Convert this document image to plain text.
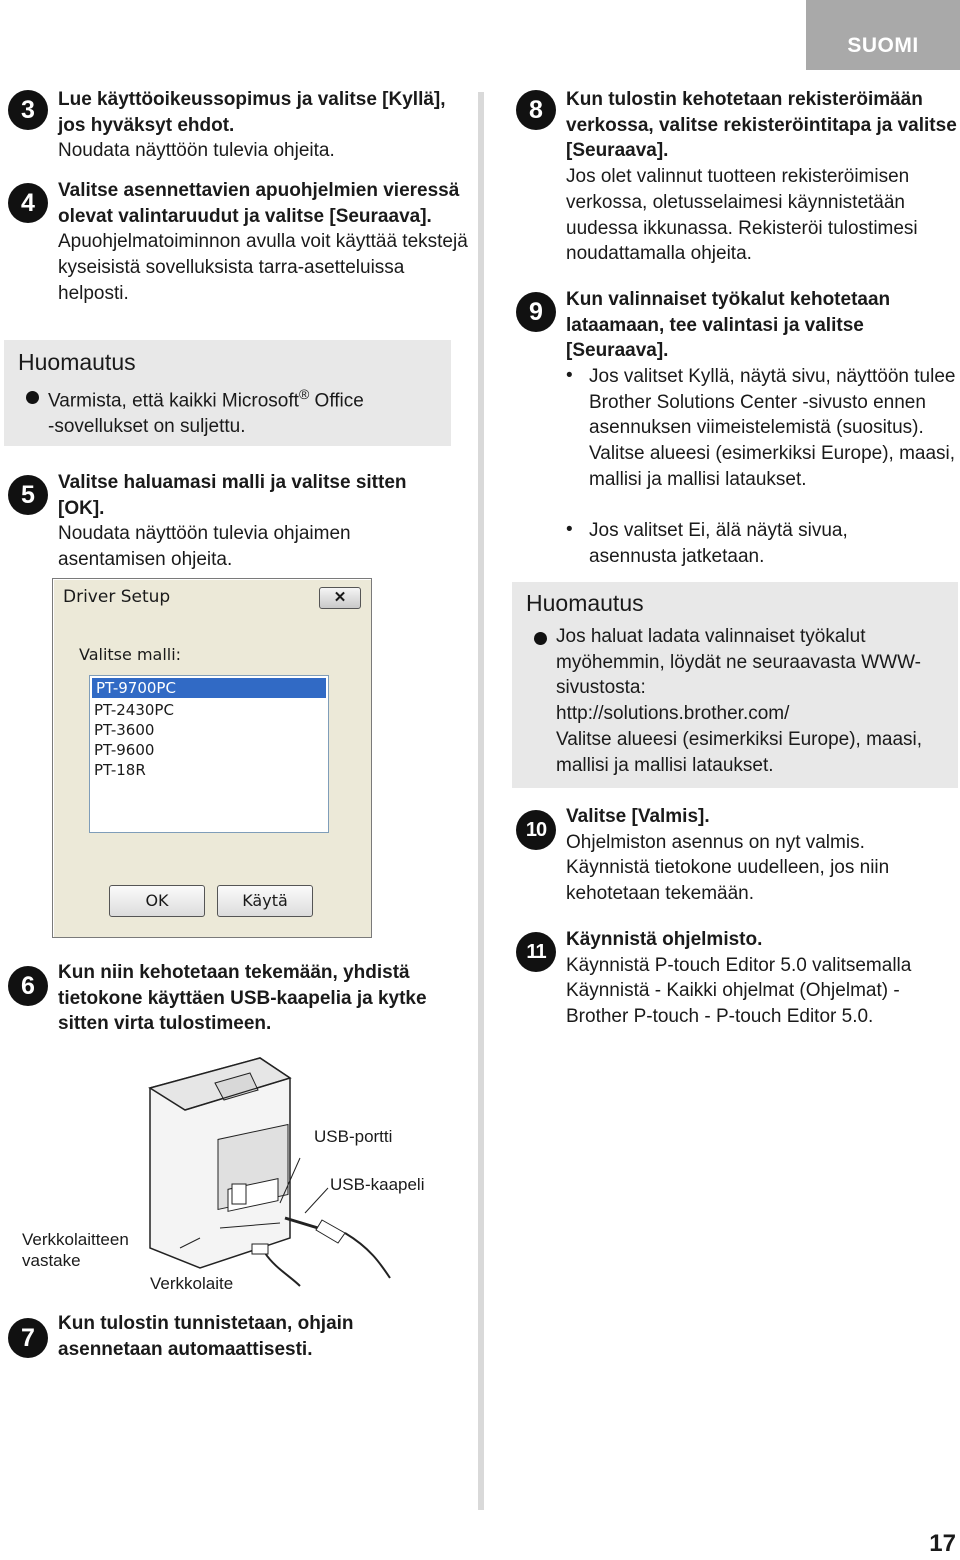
SUOMI
3	Lue käyttöoikeussopimus ja valitse [Kyllä], jos hyväksyt ehdot.
Noudata näyttöön tulevia ohjeita.
4	Valitse asennettavien apuohjelmien vieressä olevat valintaruudut ja valitse [Seuraava].
Apuohjelmatoiminnon avulla voit käyttää tekstejä kyseisistä sovelluksista tarra-asetteluissa helposti.
Huomautus
Varmista, että kaikki Microsoft® Office
-sovellukset on suljettu.
5	Valitse haluamasi malli ja valitse sitten [OK].
Noudata näyttöön tulevia ohjaimen asentamisen ohjeita.
Driver Setup	✕
Valitse malli:
PT-9700PC
PT-2430PC
PT-3600
PT-9600
PT-18R
OK	Käytä
6	Kun niin kehotetaan tekemään, yhdistä tietokone käyttäen USB-kaapelia ja kytke sitten virta tulostimeen.
USB-portti
USB-kaapeli
Verkkolaitteen vastake
Verkkolaite
7	Kun tulostin tunnistetaan, ohjain asennetaan automaattisesti.
8	Kun tulostin kehotetaan rekisteröimään verkossa, valitse rekisteröintitapa ja valitse [Seuraava].
Jos olet valinnut tuotteen rekisteröimisen verkossa, oletusselaimesi käynnistetään uudessa ikkunassa. Rekisteröi tulostimesi noudattamalla ohjeita.
9	Kun valinnaiset työkalut kehotetaan lataamaan, tee valintasi ja valitse [Seuraava].
• Jos valitset Kyllä, näytä sivu, näyttöön tulee Brother Solutions Center -sivusto ennen asennuksen viimeistelemistä (suositus).
Valitse alueesi (esimerkiksi Europe), maasi, mallisi ja mallisi lataukset.
• Jos valitset Ei, älä näytä sivua, asennusta jatketaan.
Huomautus
Jos haluat ladata valinnaiset työkalut myöhemmin, löydät ne seuraavasta WWW-sivustosta:
http://solutions.brother.com/
Valitse alueesi (esimerkiksi Europe), maasi, mallisi ja mallisi lataukset.
10
Valitse [Valmis].
Ohjelmiston asennus on nyt valmis.
Käynnistä tietokone uudelleen, jos niin kehotetaan tekemään.
11
Käynnistä ohjelmisto.
Käynnistä P-touch Editor 5.0 valitsemalla Käynnistä - Kaikki ohjelmat (Ohjelmat) - Brother P-touch - P-touch Editor 5.0.
17
